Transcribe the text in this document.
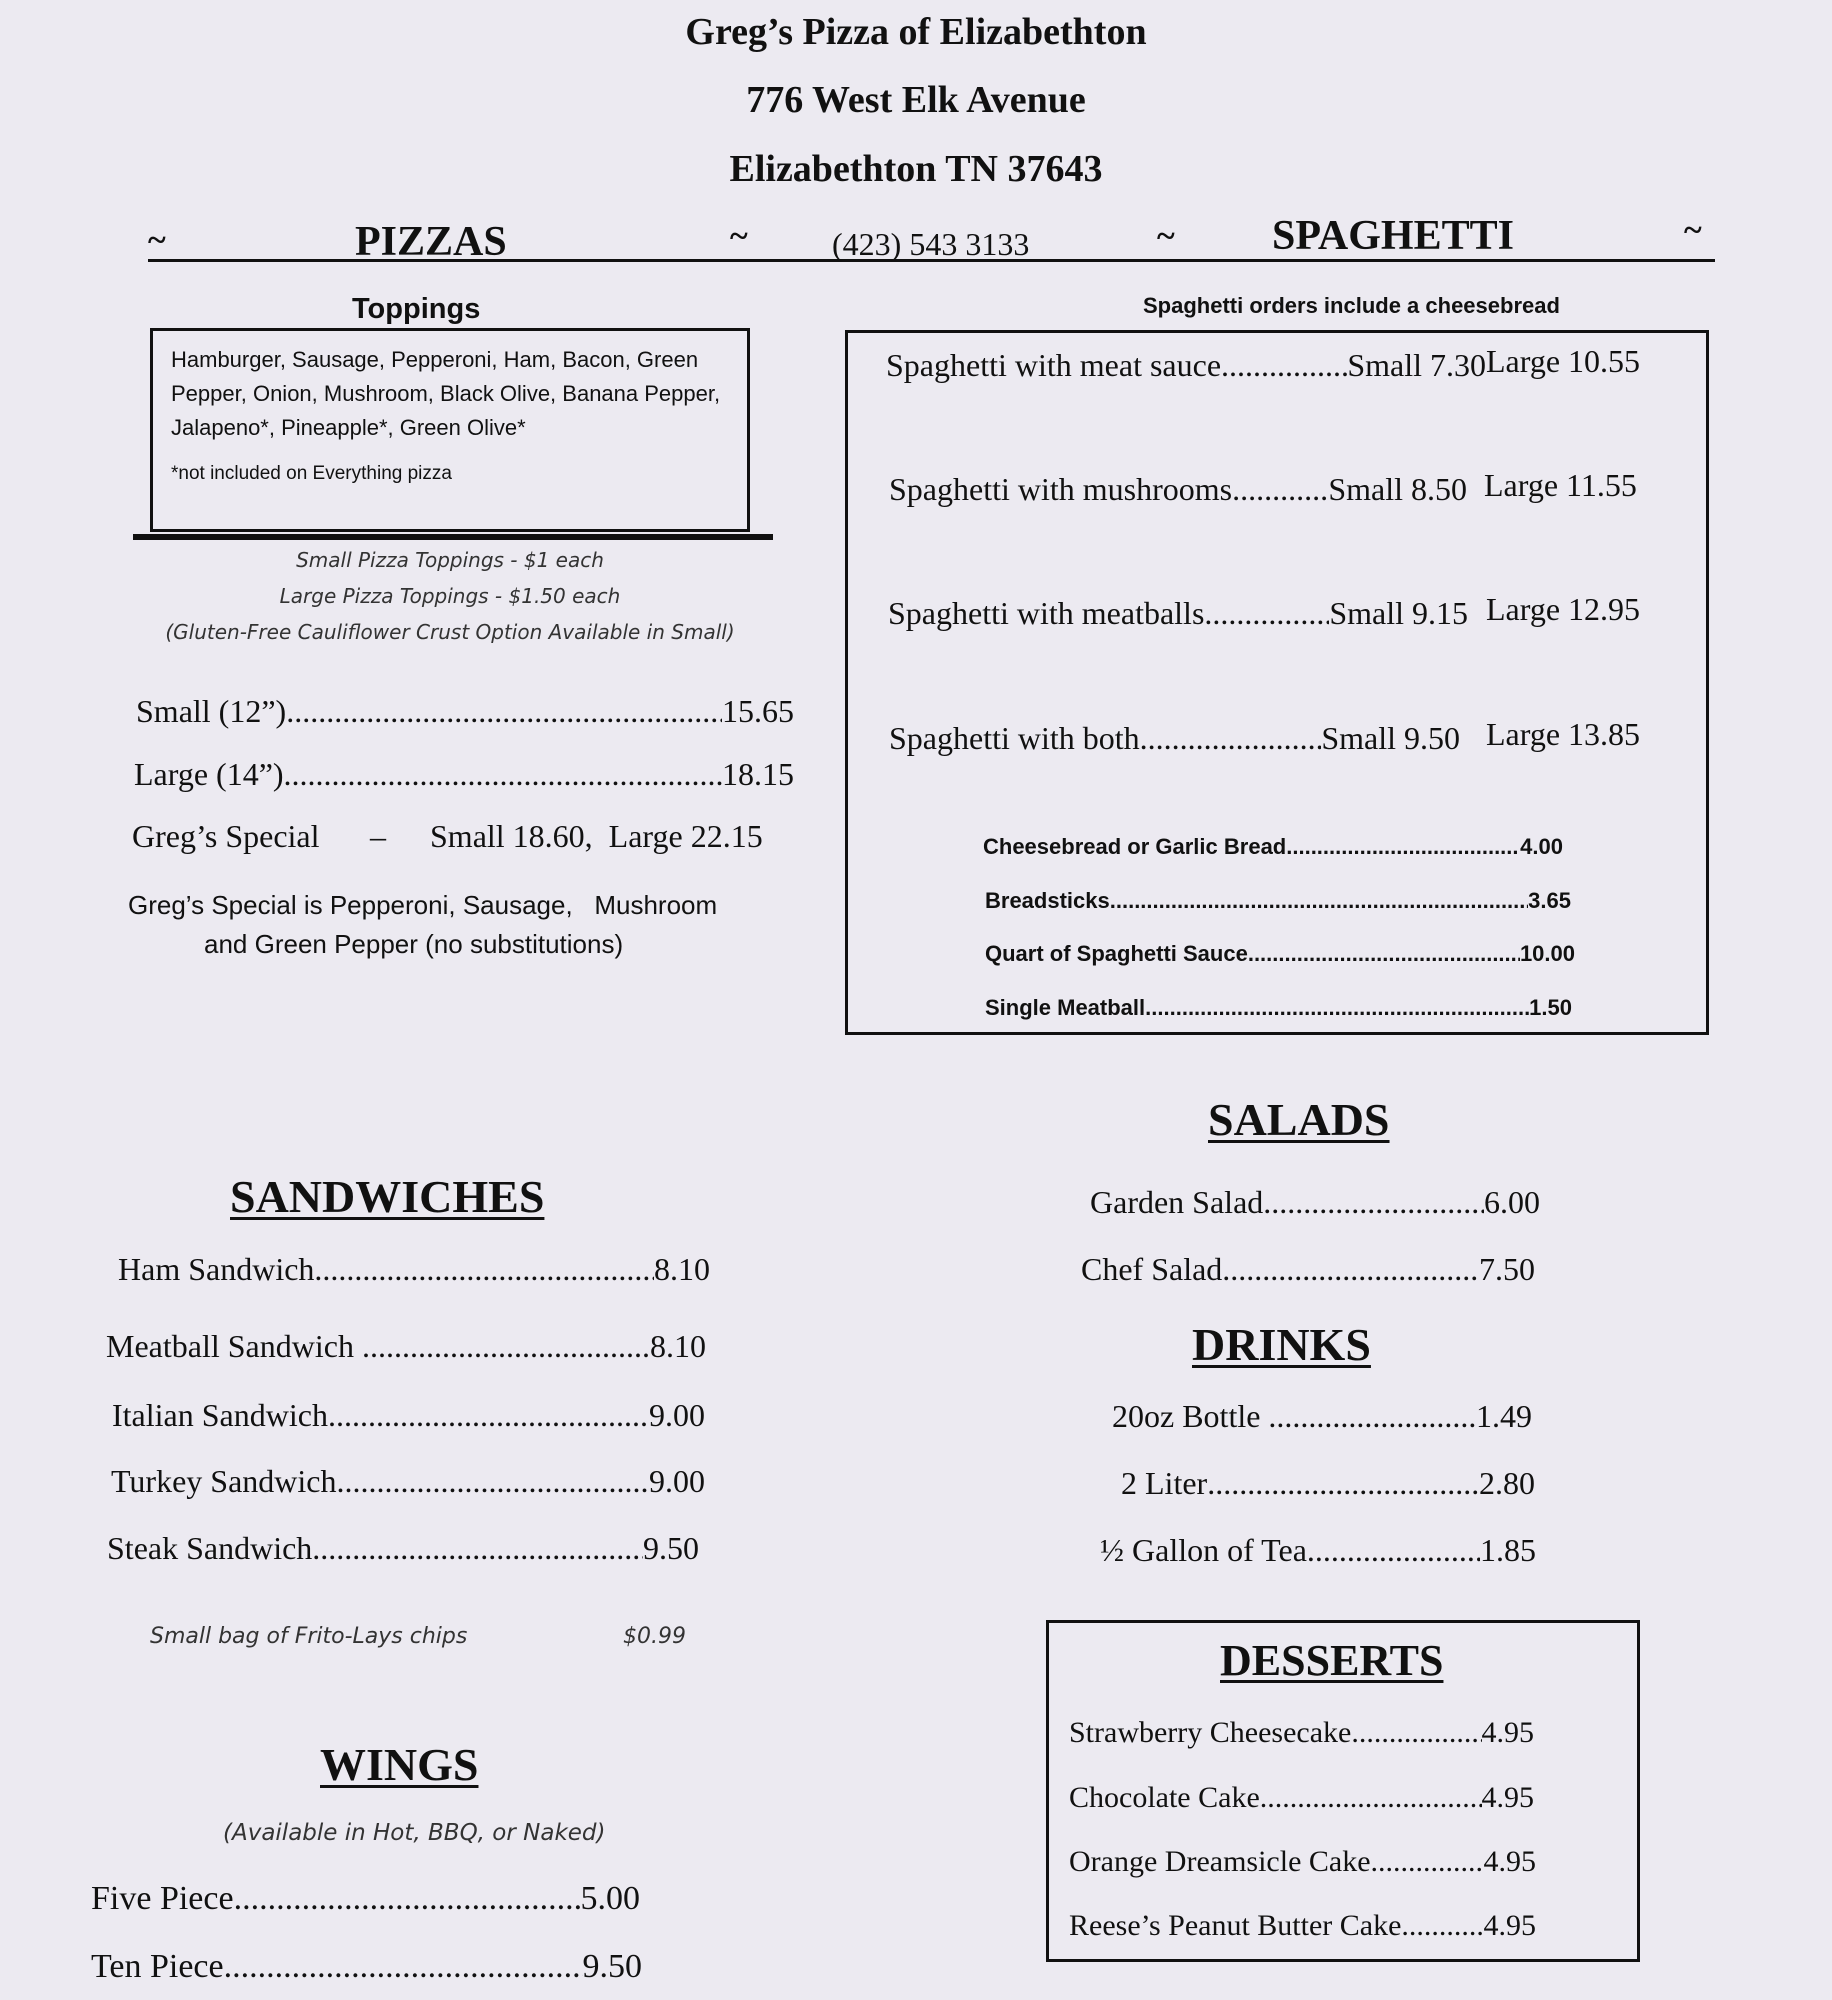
Greg’s Pizza of Elizabethton
776 West Elk Avenue
Elizabethton TN 37643
~	PIZZAS	~	(423) 543 3133	~ SPAGHETTI	~
Toppings
Hamburger, Sausage, Pepperoni, Ham, Bacon, Green Pepper, Onion, Mushroom, Black Olive, Banana Pepper, Jalapeno*, Pineapple*, Green Olive*
*not included on Everything pizza
Small Pizza Toppings - $1 each
Large Pizza Toppings - $1.50 each
(Gluten-Free Cauliflower Crust Option Available in Small)
Small (12”) .....	15.65
Large (14”) .....	18.15
Greg’s Special – Small 18.60,  Large 22.15
Greg’s Special is Pepperoni, Sausage,   Mushroom
and Green Pepper (no substitutions)
Spaghetti orders include a cheesebread
Spaghetti with meat sauce .....	Small 7.30 Large 10.55
Spaghetti with mushrooms .....	Small 8.50 Large 11.55
Spaghetti with meatballs .....	Small 9.15 Large 12.95
Spaghetti with both .....	Small 9.50 Large 13.85
Cheesebread or Garlic Bread .....	4.00
Breadsticks .....	3.65
Quart of Spaghetti Sauce .....	10.00
Single Meatball .....	1.50
SANDWICHES
Ham Sandwich .....	8.10
Meatball Sandwich .....	8.10
Italian Sandwich .....	9.00
Turkey Sandwich .....	9.00
Steak Sandwich .....	9.50
Small bag of Frito-Lays chips	$0.99
WINGS
(Available in Hot, BBQ, or Naked)
Five Piece .....	5.00
Ten Piece .....	9.50
SALADS
Garden Salad .....	6.00
Chef Salad .....	7.50
DRINKS
20oz Bottle .....	1.49
2 Liter .....	2.80
½ Gallon of Tea .....	1.85
DESSERTS
Strawberry Cheesecake .....	4.95
Chocolate Cake .....	4.95
Orange Dreamsicle Cake .....	4.95
Reese’s Peanut Butter Cake .....	4.95
